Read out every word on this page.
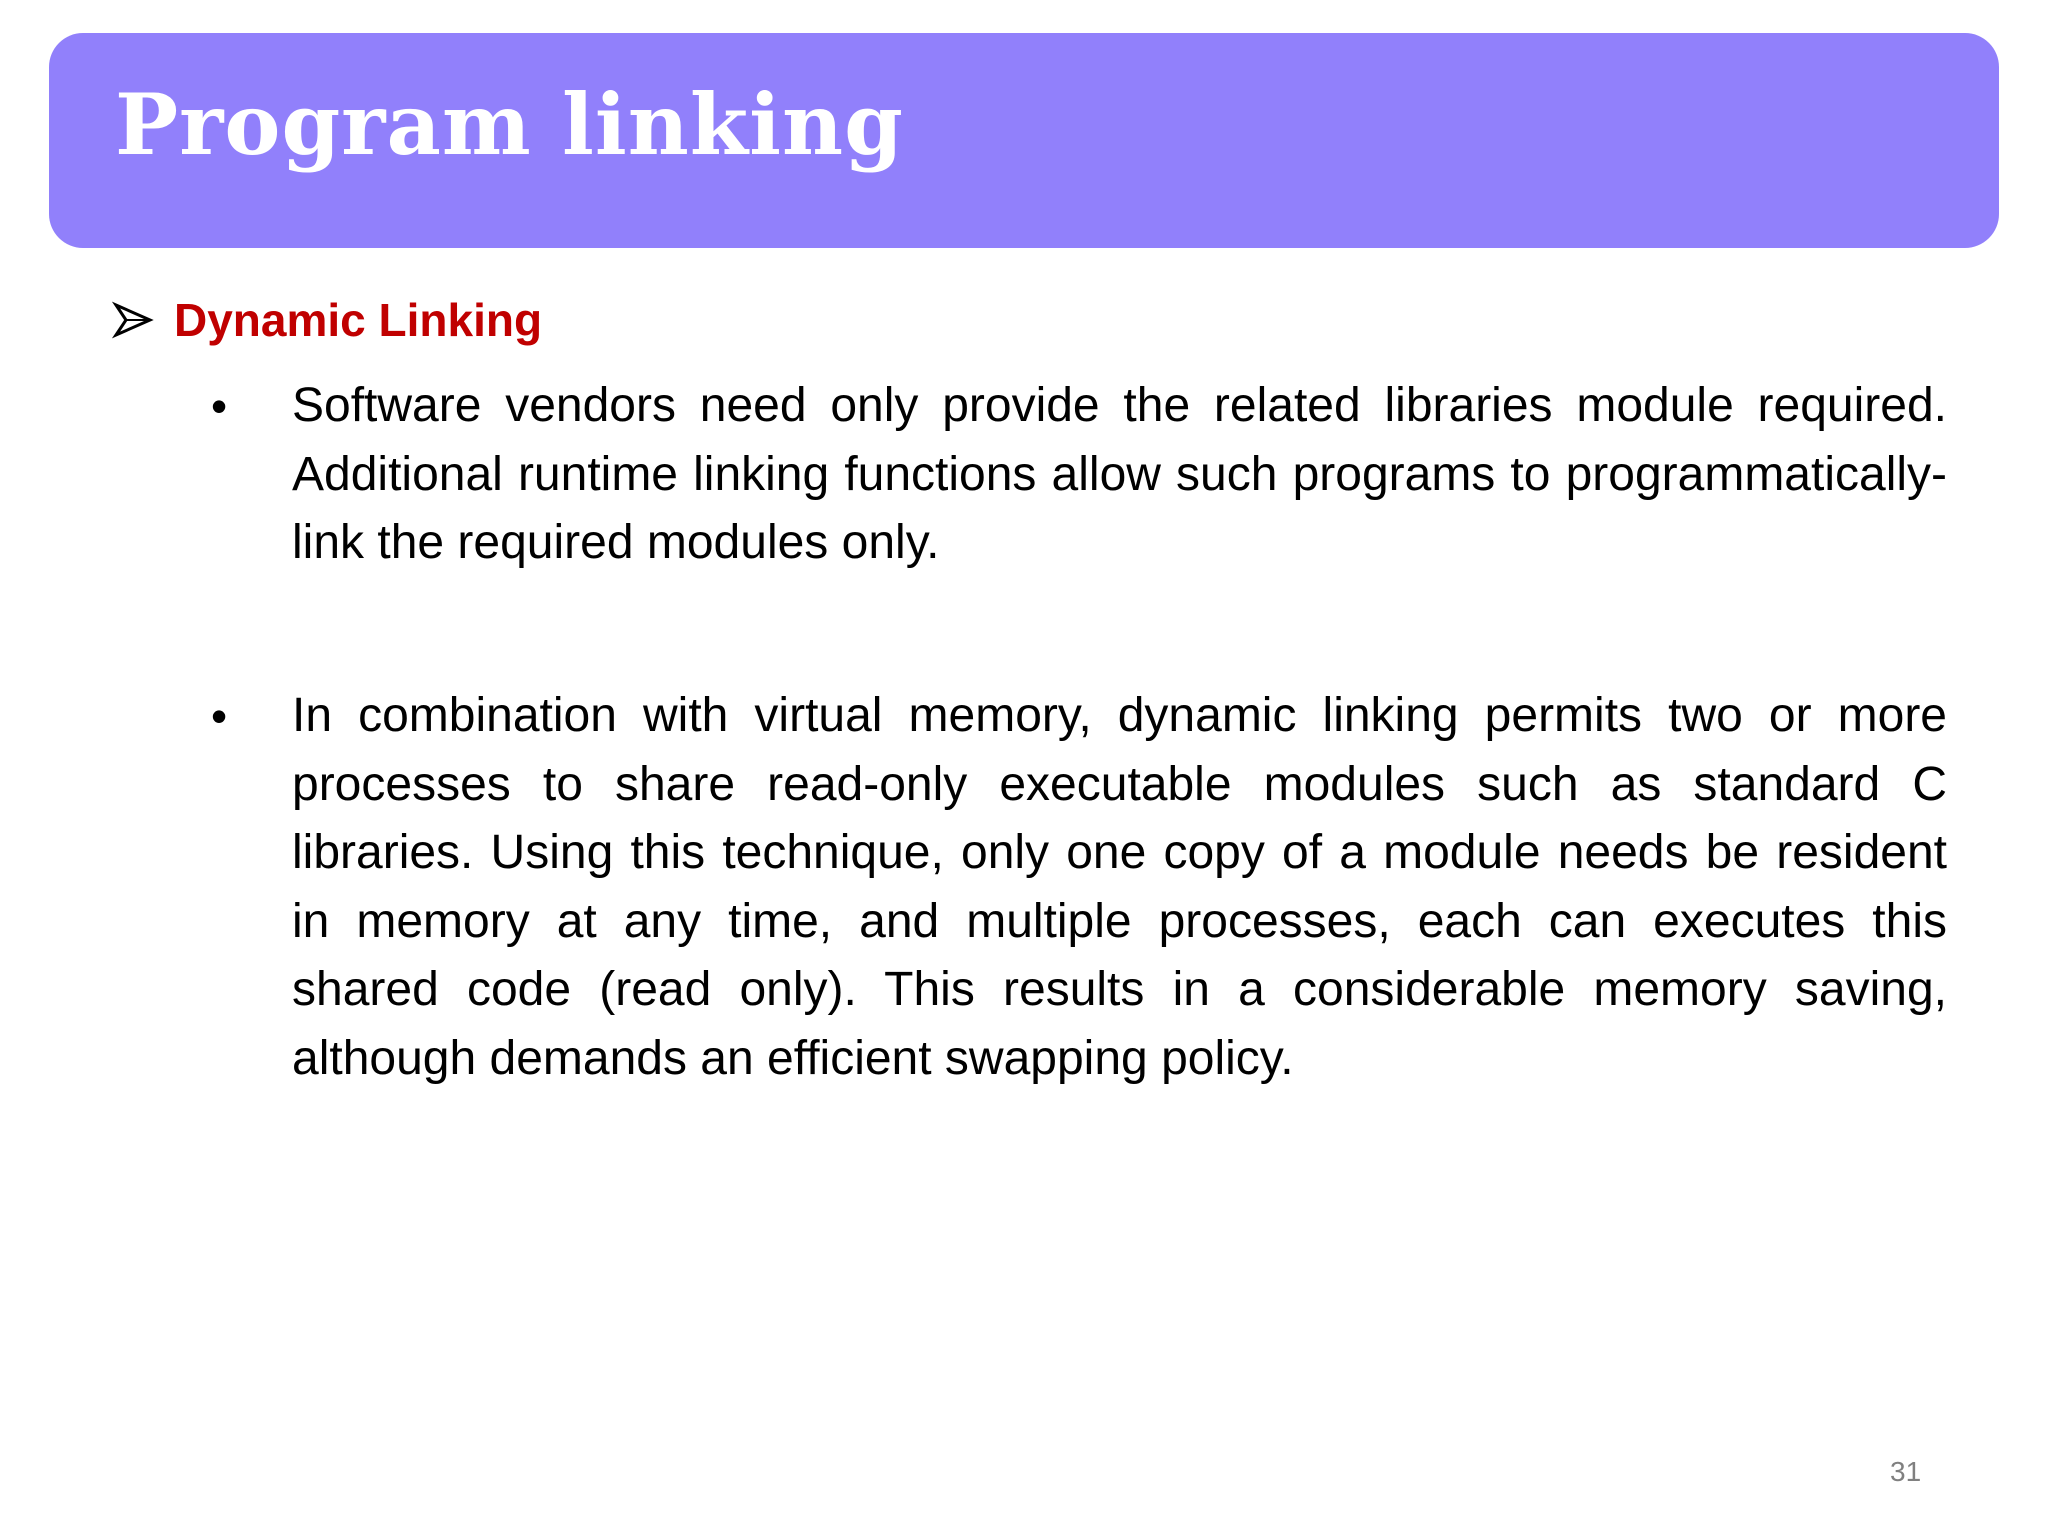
Program linking
Dynamic Linking
• Software vendors need only provide the related libraries module required. Additional runtime linking functions allow such programs to programmatically-link the required modules only.

• In combination with virtual memory, dynamic linking permits two or more processes to share read-only executable modules such as standard C libraries. Using this technique, only one copy of a module needs be resident in memory at any time, and multiple processes, each can executes this shared code (read only). This results in a considerable memory saving, although demands an efficient swapping policy.

31
